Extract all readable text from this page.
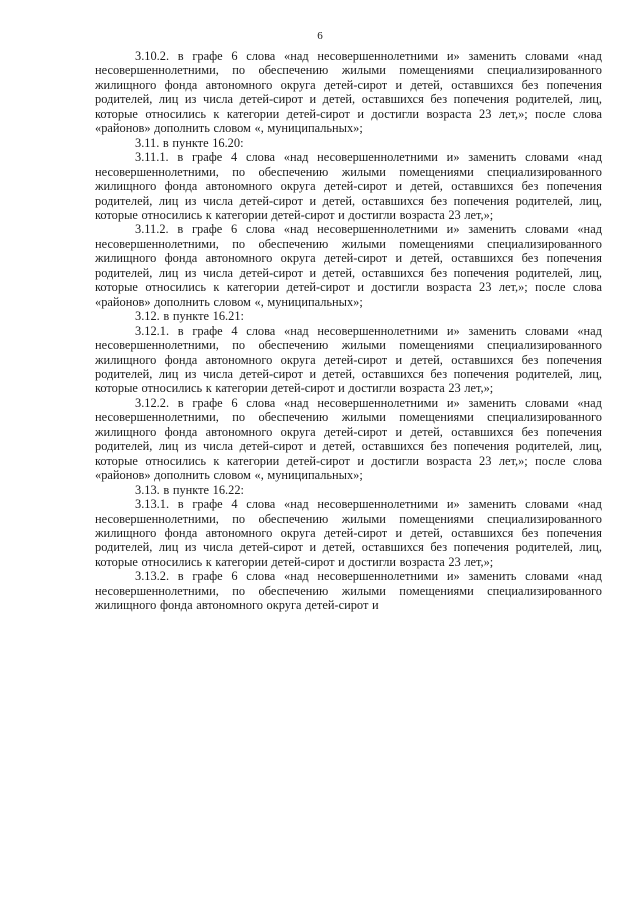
6

3.10.2. в графе 6 слова «над несовершеннолетними и» заменить словами «над несовершеннолетними, по обеспечению жилыми помещениями специализированного жилищного фонда автономного округа детей-сирот и детей, оставшихся без попечения родителей, лиц из числа детей-сирот и детей, оставшихся без попечения родителей, лиц, которые относились к категории детей-сирот и достигли возраста 23 лет,»; после слова «районов» дополнить словом «, муниципальных»;

3.11. в пункте 16.20:

3.11.1. в графе 4 слова «над несовершеннолетними и» заменить словами «над несовершеннолетними, по обеспечению жилыми помещениями специализированного жилищного фонда автономного округа детей-сирот и детей, оставшихся без попечения родителей, лиц из числа детей-сирот и детей, оставшихся без попечения родителей, лиц, которые относились к категории детей-сирот и достигли возраста 23 лет,»;

3.11.2. в графе 6 слова «над несовершеннолетними и» заменить словами «над несовершеннолетними, по обеспечению жилыми помещениями специализированного жилищного фонда автономного округа детей-сирот и детей, оставшихся без попечения родителей, лиц из числа детей-сирот и детей, оставшихся без попечения родителей, лиц, которые относились к категории детей-сирот и достигли возраста 23 лет,»; после слова «районов» дополнить словом «, муниципальных»;

3.12. в пункте 16.21:

3.12.1. в графе 4 слова «над несовершеннолетними и» заменить словами «над несовершеннолетними, по обеспечению жилыми помещениями специализированного жилищного фонда автономного округа детей-сирот и детей, оставшихся без попечения родителей, лиц из числа детей-сирот и детей, оставшихся без попечения родителей, лиц, которые относились к категории детей-сирот и достигли возраста 23 лет,»;

3.12.2. в графе 6 слова «над несовершеннолетними и» заменить словами «над несовершеннолетними, по обеспечению жилыми помещениями специализированного жилищного фонда автономного округа детей-сирот и детей, оставшихся без попечения родителей, лиц из числа детей-сирот и детей, оставшихся без попечения родителей, лиц, которые относились к категории детей-сирот и достигли возраста 23 лет,»; после слова «районов» дополнить словом «, муниципальных»;

3.13. в пункте 16.22:

3.13.1. в графе 4 слова «над несовершеннолетними и» заменить словами «над несовершеннолетними, по обеспечению жилыми помещениями специализированного жилищного фонда автономного округа детей-сирот и детей, оставшихся без попечения родителей, лиц из числа детей-сирот и детей, оставшихся без попечения родителей, лиц, которые относились к категории детей-сирот и достигли возраста 23 лет,»;

3.13.2. в графе 6 слова «над несовершеннолетними и» заменить словами «над несовершеннолетними, по обеспечению жилыми помещениями специализированного жилищного фонда автономного округа детей-сирот и
